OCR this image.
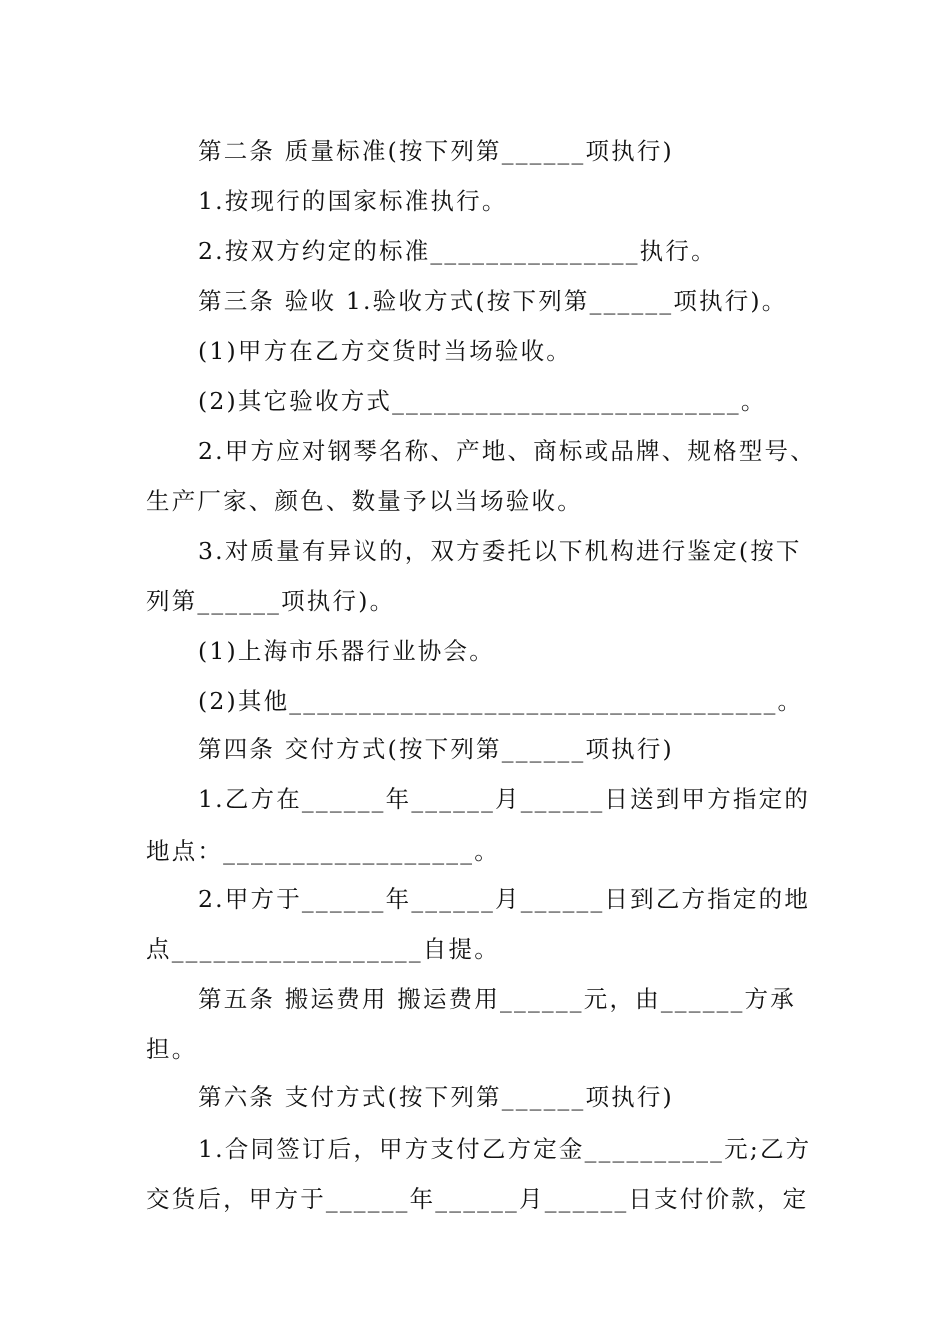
第二条 质量标准(按下列第______项执行)
1.按现行的国家标准执行。
2.按双方约定的标准_______________执行。
第三条 验收 1.验收方式(按下列第______项执行)。
(1)甲方在乙方交货时当场验收。
(2)其它验收方式_________________________。
2.甲方应对钢琴名称、产地、商标或品牌、规格型号、
生产厂家、颜色、数量予以当场验收。
3.对质量有异议的，双方委托以下机构进行鉴定(按下
列第______项执行)。
(1)上海市乐器行业协会。
(2)其他___________________________________。
第四条 交付方式(按下列第______项执行)
1.乙方在______年______月______日送到甲方指定的
地点：__________________。
2.甲方于______年______月______日到乙方指定的地
点__________________自提。
第五条 搬运费用 搬运费用______元，由______方承
担。
第六条 支付方式(按下列第______项执行)
1.合同签订后，甲方支付乙方定金__________元;乙方
交货后，甲方于______年______月______日支付价款，定
